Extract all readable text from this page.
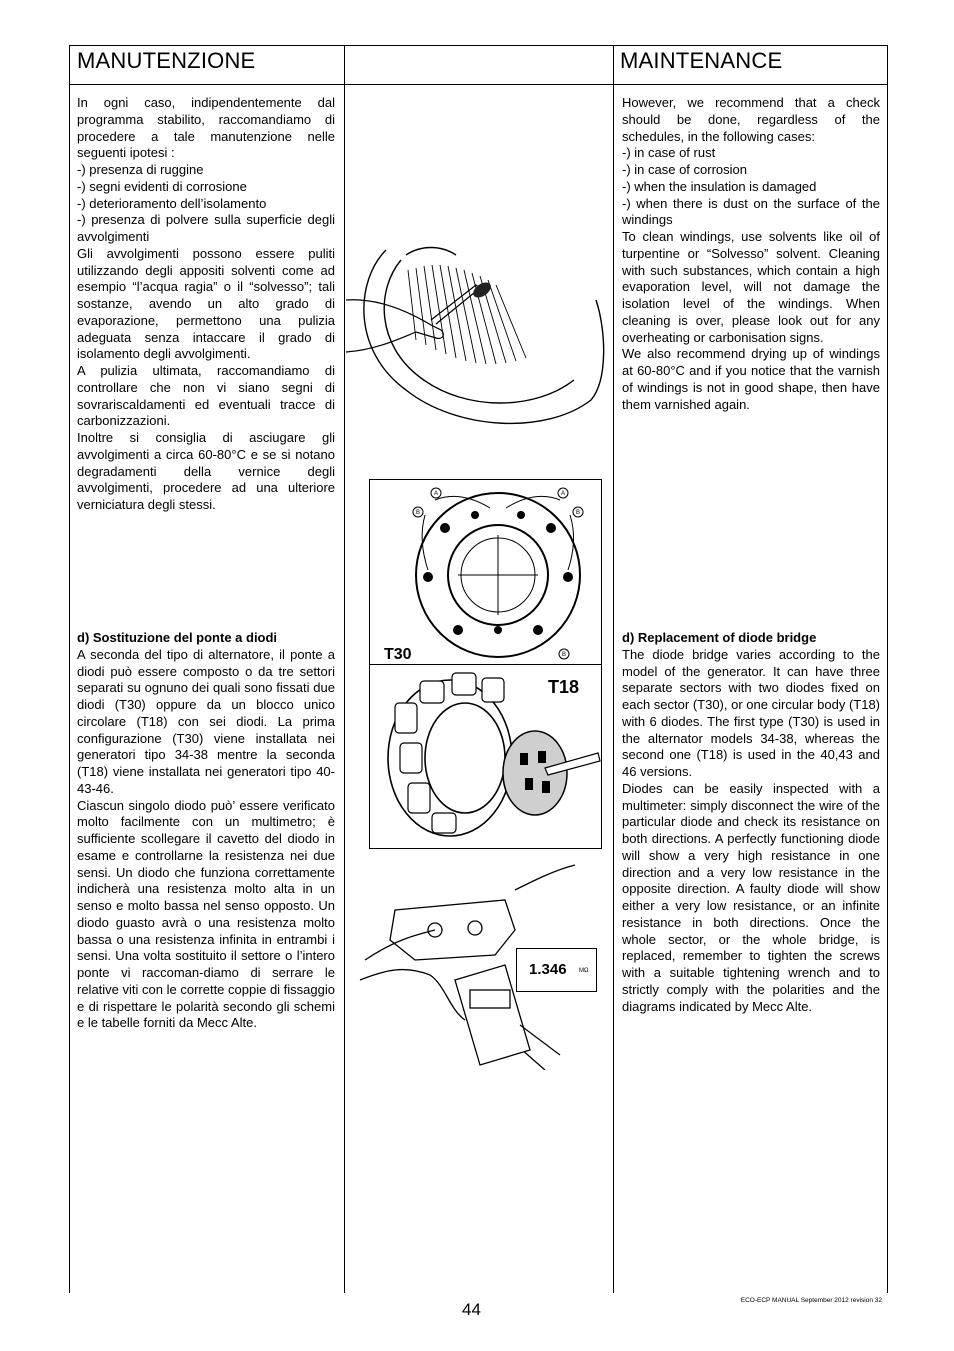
MANUTENZIONE	MAINTENANCE

In ogni caso, indipendentemente dal programma stabilito, raccomandiamo di procedere a tale manutenzione nelle seguenti ipotesi :

-) presenza di ruggine

-) segni evidenti di corrosione

-) deterioramento dell’isolamento

-) presenza di polvere sulla superficie degli avvolgimenti

Gli avvolgimenti possono essere puliti utilizzando degli appositi solventi come ad esempio “l’acqua ragia” o il “solvesso”; tali sostanze, avendo un alto grado di evaporazione, permettono una pulizia adeguata senza intaccare il grado di isolamento degli avvolgimenti.

A pulizia ultimata, raccomandiamo di controllare che non vi siano segni di sovrariscaldamenti ed eventuali tracce di carbonizzazioni.

Inoltre si consiglia di asciugare gli avvolgimenti a circa 60-80°C e se si notano degradamenti della vernice degli avvolgimenti, procedere ad una ulteriore verniciatura degli stessi.

d) Sostituzione del ponte a diodi

A seconda del tipo di alternatore, il ponte a diodi può essere composto o da tre settori separati su ognuno dei quali sono fissati due diodi (T30) oppure da un blocco unico circolare (T18) con sei diodi. La prima configurazione (T30) viene installata nei generatori tipo 34-38 mentre la seconda (T18) viene installata nei generatori tipo 40-43-46.

Ciascun singolo diodo può’ essere verificato molto facilmente con un multimetro; è sufficiente scollegare il cavetto del diodo in esame e controllarne la resistenza nei due sensi. Un diodo che funziona correttamente indicherà una resistenza molto alta in un senso e molto bassa nel senso opposto. Un diodo guasto avrà o una resistenza molto bassa o una resistenza infinita in entrambi i sensi. Una volta sostituito il settore o l’intero ponte vi raccoman-diamo di serrare le relative viti con le corrette coppie di fissaggio e di rispettare le polarità secondo gli schemi e le tabelle forniti da Mecc Alte.

However, we recommend that a check should be done, regardless of the schedules, in the following cases:

-) in case of rust

-) in case of corrosion

-) when the insulation is damaged

-) when there is dust on the surface of the windings

To clean windings, use solvents like oil of turpentine or “Solvesso” solvent. Cleaning with such substances, which contain a high evaporation level, will not damage the isolation level of the windings. When cleaning is over, please look out for any overheating or carbonisation signs.

We also recommend drying up of windings at 60-80°C and if you notice that the varnish of windings is not in good shape, then have them varnished again.

d) Replacement of diode bridge

The diode bridge varies according to the model of the generator. It can have three separate sectors with two diodes fixed on each sector (T30), or one circular body (T18) with 6 diodes. The first type (T30) is used in the alternator models 34-38, whereas the second one (T18) is used in the 40,43 and 46 versions.

Diodes can be easily inspected with a multimeter: simply disconnect the wire of the particular diode and check its resistance on both directions. A perfectly functioning diode will show a very high resistance in one direction and a very low resistance in the opposite direction. A faulty diode will show either a very low resistance, or an infinite resistance in both directions. Once the whole sector, or the whole bridge, is replaced, remember to tighten the screws with a suitable tightening wrench and to strictly comply with the polarities and the diagrams indicated by Mecc Alte.

A	A
B	B
B
T30
T18
1.346 MΩ
44	ECO-ECP MANUAL September 2012 revision 32
